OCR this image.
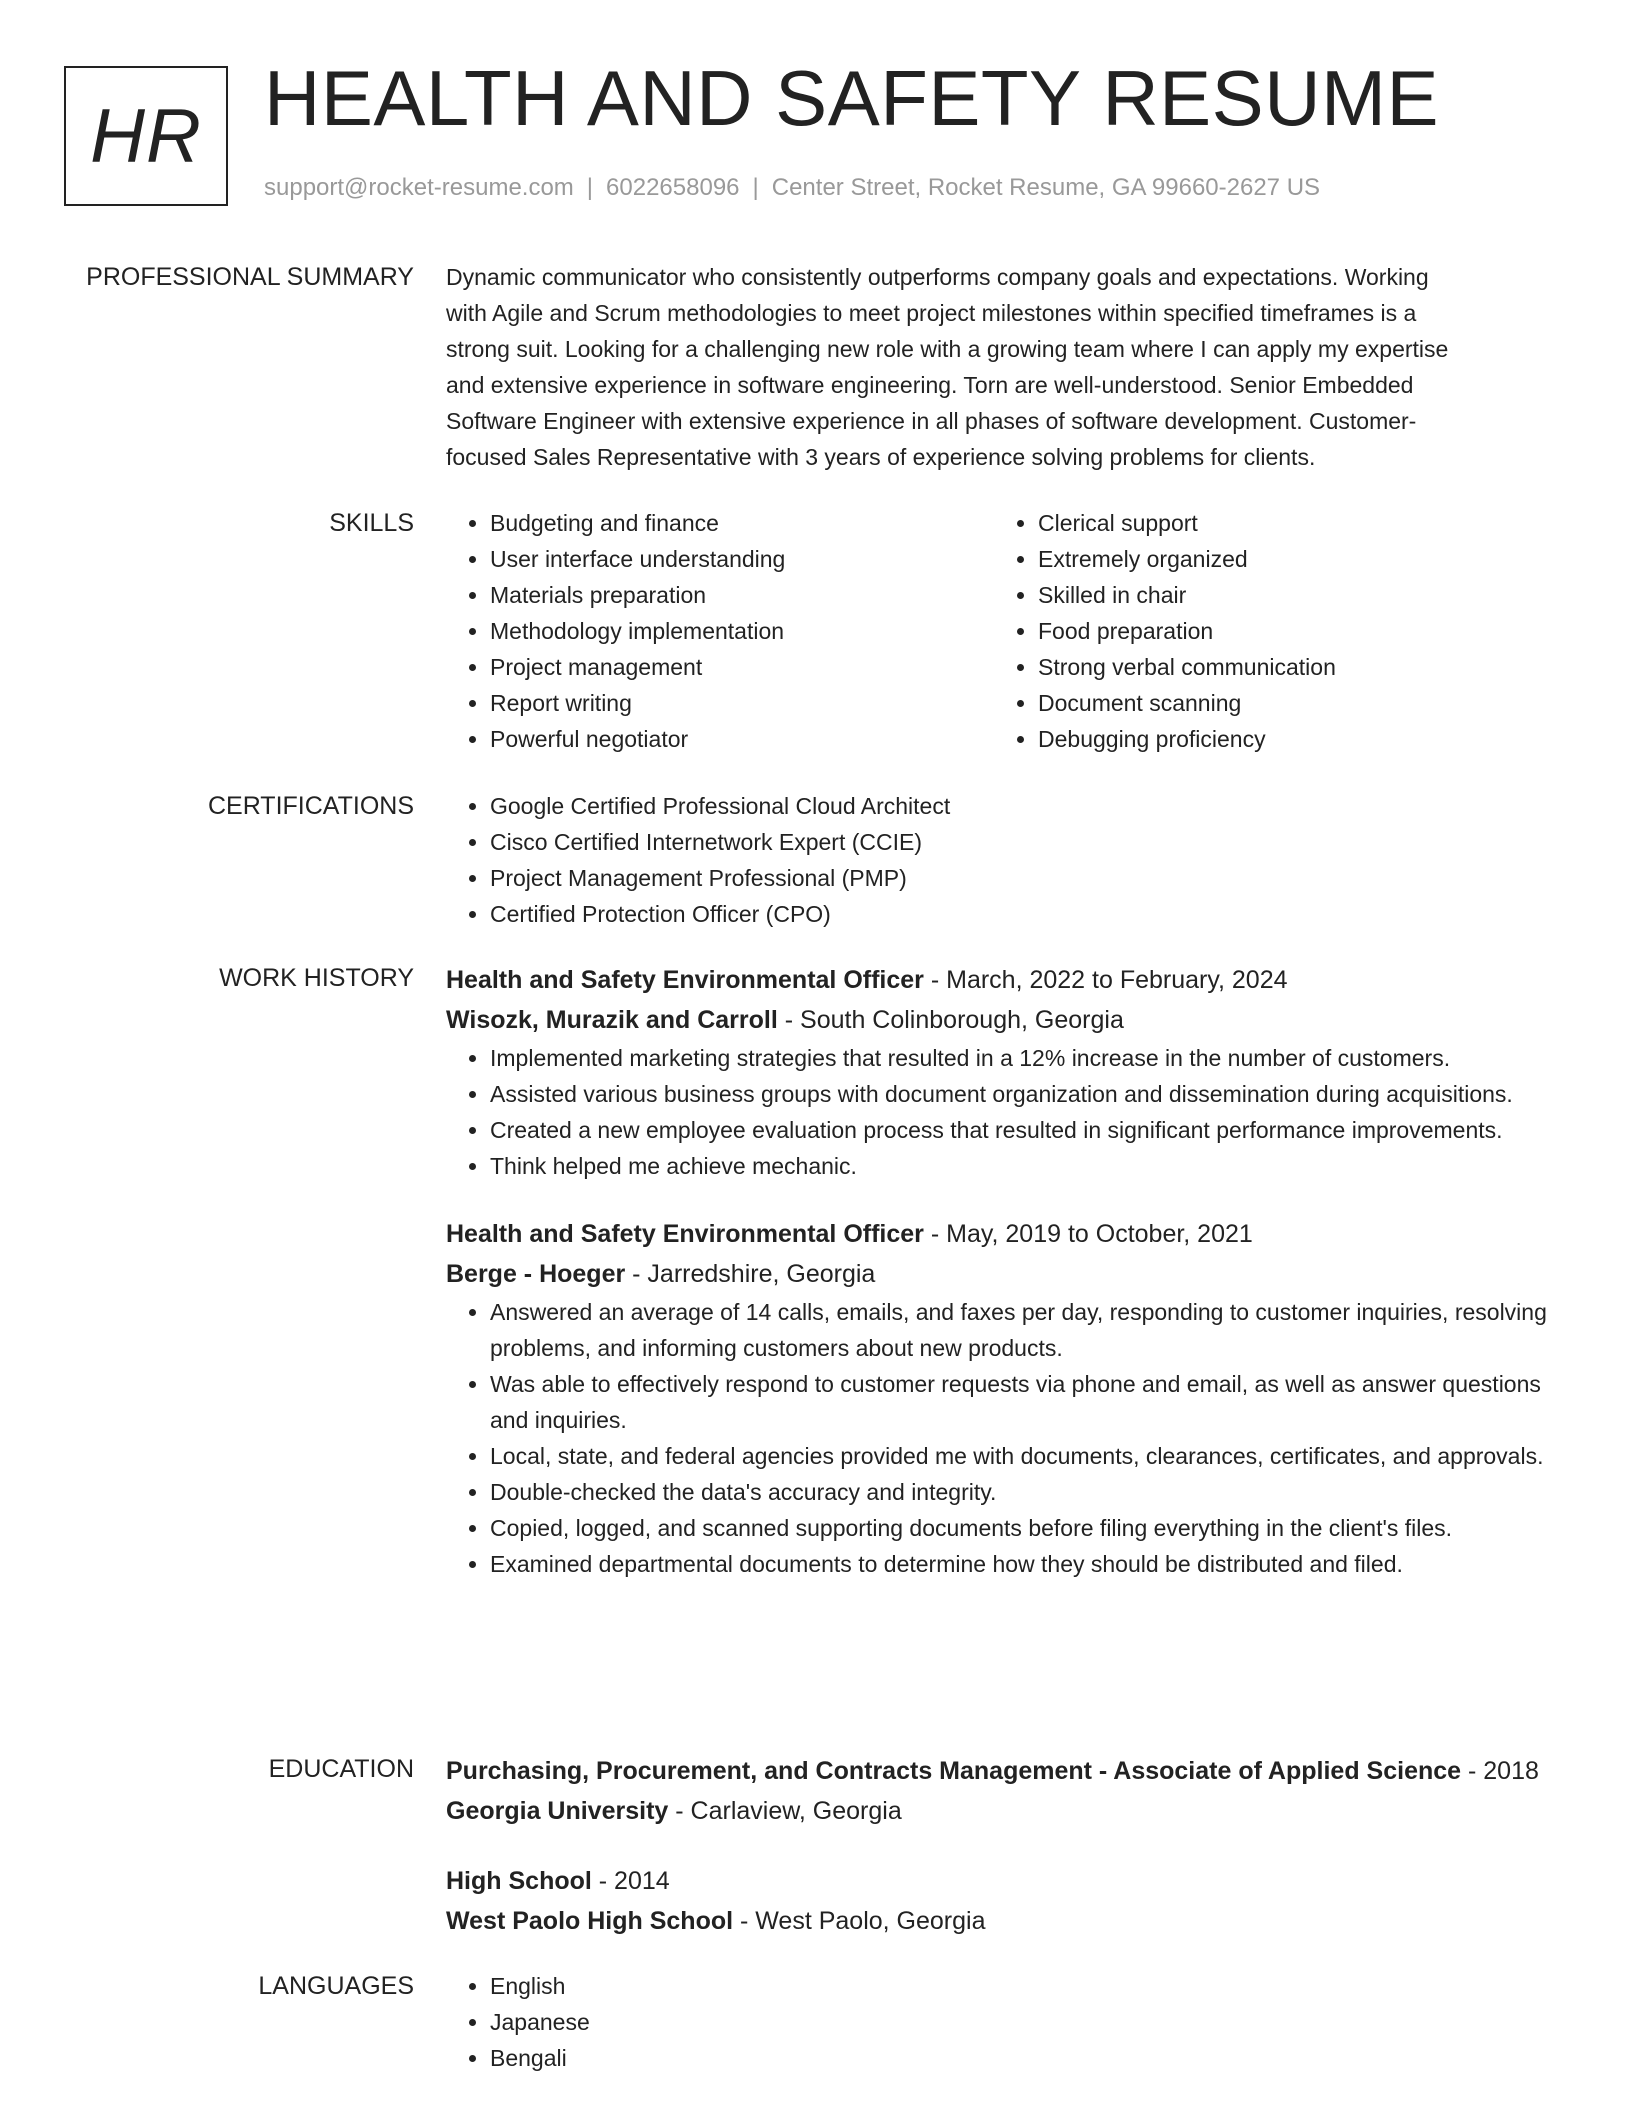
HR HEALTH AND SAFETY RESUME
support@rocket-resume.com | 6022658096 | Center Street, Rocket Resume, GA 99660-2627 US
PROFESSIONAL SUMMARY Dynamic communicator who consistently outperforms company goals and expectations. Working
with Agile and Scrum methodologies to meet project milestones within specified timeframes is a
strong suit. Looking for a challenging new role with a growing team where I can apply my expertise
and extensive experience in software engineering. Torn are well-understood. Senior Embedded
Software Engineer with extensive experience in all phases of software development. Customer-
focused Sales Representative with 3 years of experience solving problems for clients.
SKILLS	• Budgeting and finance
• User interface understanding
• Materials preparation
• Methodology implementation
• Project management
• Report writing
• Powerful negotiator
• Clerical support
• Extremely organized
• Skilled in chair
• Food preparation
• Strong verbal communication
• Document scanning
• Debugging proficiency
CERTIFICATIONS	• Google Certified Professional Cloud Architect
• Cisco Certified Internetwork Expert (CCIE)
• Project Management Professional (PMP)
• Certified Protection Officer (CPO)
WORK HISTORY Health and Safety Environmental Officer - March, 2022 to February, 2024
Wisozk, Murazik and Carroll - South Colinborough, Georgia
• Implemented marketing strategies that resulted in a 12% increase in the number of customers.
• Assisted various business groups with document organization and dissemination during acquisitions.
• Created a new employee evaluation process that resulted in significant performance improvements.
• Think helped me achieve mechanic.
Health and Safety Environmental Officer - May, 2019 to October, 2021
Berge - Hoeger - Jarredshire, Georgia
• Answered an average of 14 calls, emails, and faxes per day, responding to customer inquiries, resolving problems, and informing customers about new products.
• Was able to effectively respond to customer requests via phone and email, as well as answer questions and inquiries.
• Local, state, and federal agencies provided me with documents, clearances, certificates, and approvals.
• Double-checked the data's accuracy and integrity.
• Copied, logged, and scanned supporting documents before filing everything in the client's files.
• Examined departmental documents to determine how they should be distributed and filed.
EDUCATION Purchasing, Procurement, and Contracts Management - Associate of Applied Science - 2018
Georgia University - Carlaview, Georgia
High School - 2014
West Paolo High School - West Paolo, Georgia
LANGUAGES	• English
• Japanese
• Bengali
